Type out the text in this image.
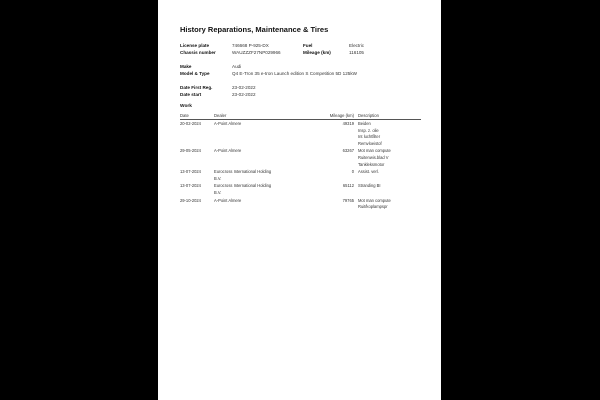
History Reparations, Maintenance & Tires
License plate	746668 P-925-DX	Fuel	Electric
Chassis number	WAUZZZF27NP029966	Mileage (km)	116105
Make	Audi
Model & Type	Q4 E-Tron 35 e-tron Launch edition S Competition 5D 125kW
Date First Reg.	23-02-2022
Date start	23-02-2022
Work
Date	Dealer	Mileage (km) Description
20-02-2024	A-Point Almere	49319 Beiden
Insp. z. olie
Int luchtfilter
Remvloeistof
29-05-2024	A-Point Almere	63267 Mot man compute
Ruitenwis.blad V
Tankleksmotor
13-07-2024	Eurocross International Holding
B.V.
0 Assist. verl.
13-07-2024	Eurocross International Holding
B.V.
65112 Stranding BI
29-10-2024	A-Point Almere	79765 Mot man compute
Ruit/koplampspr
